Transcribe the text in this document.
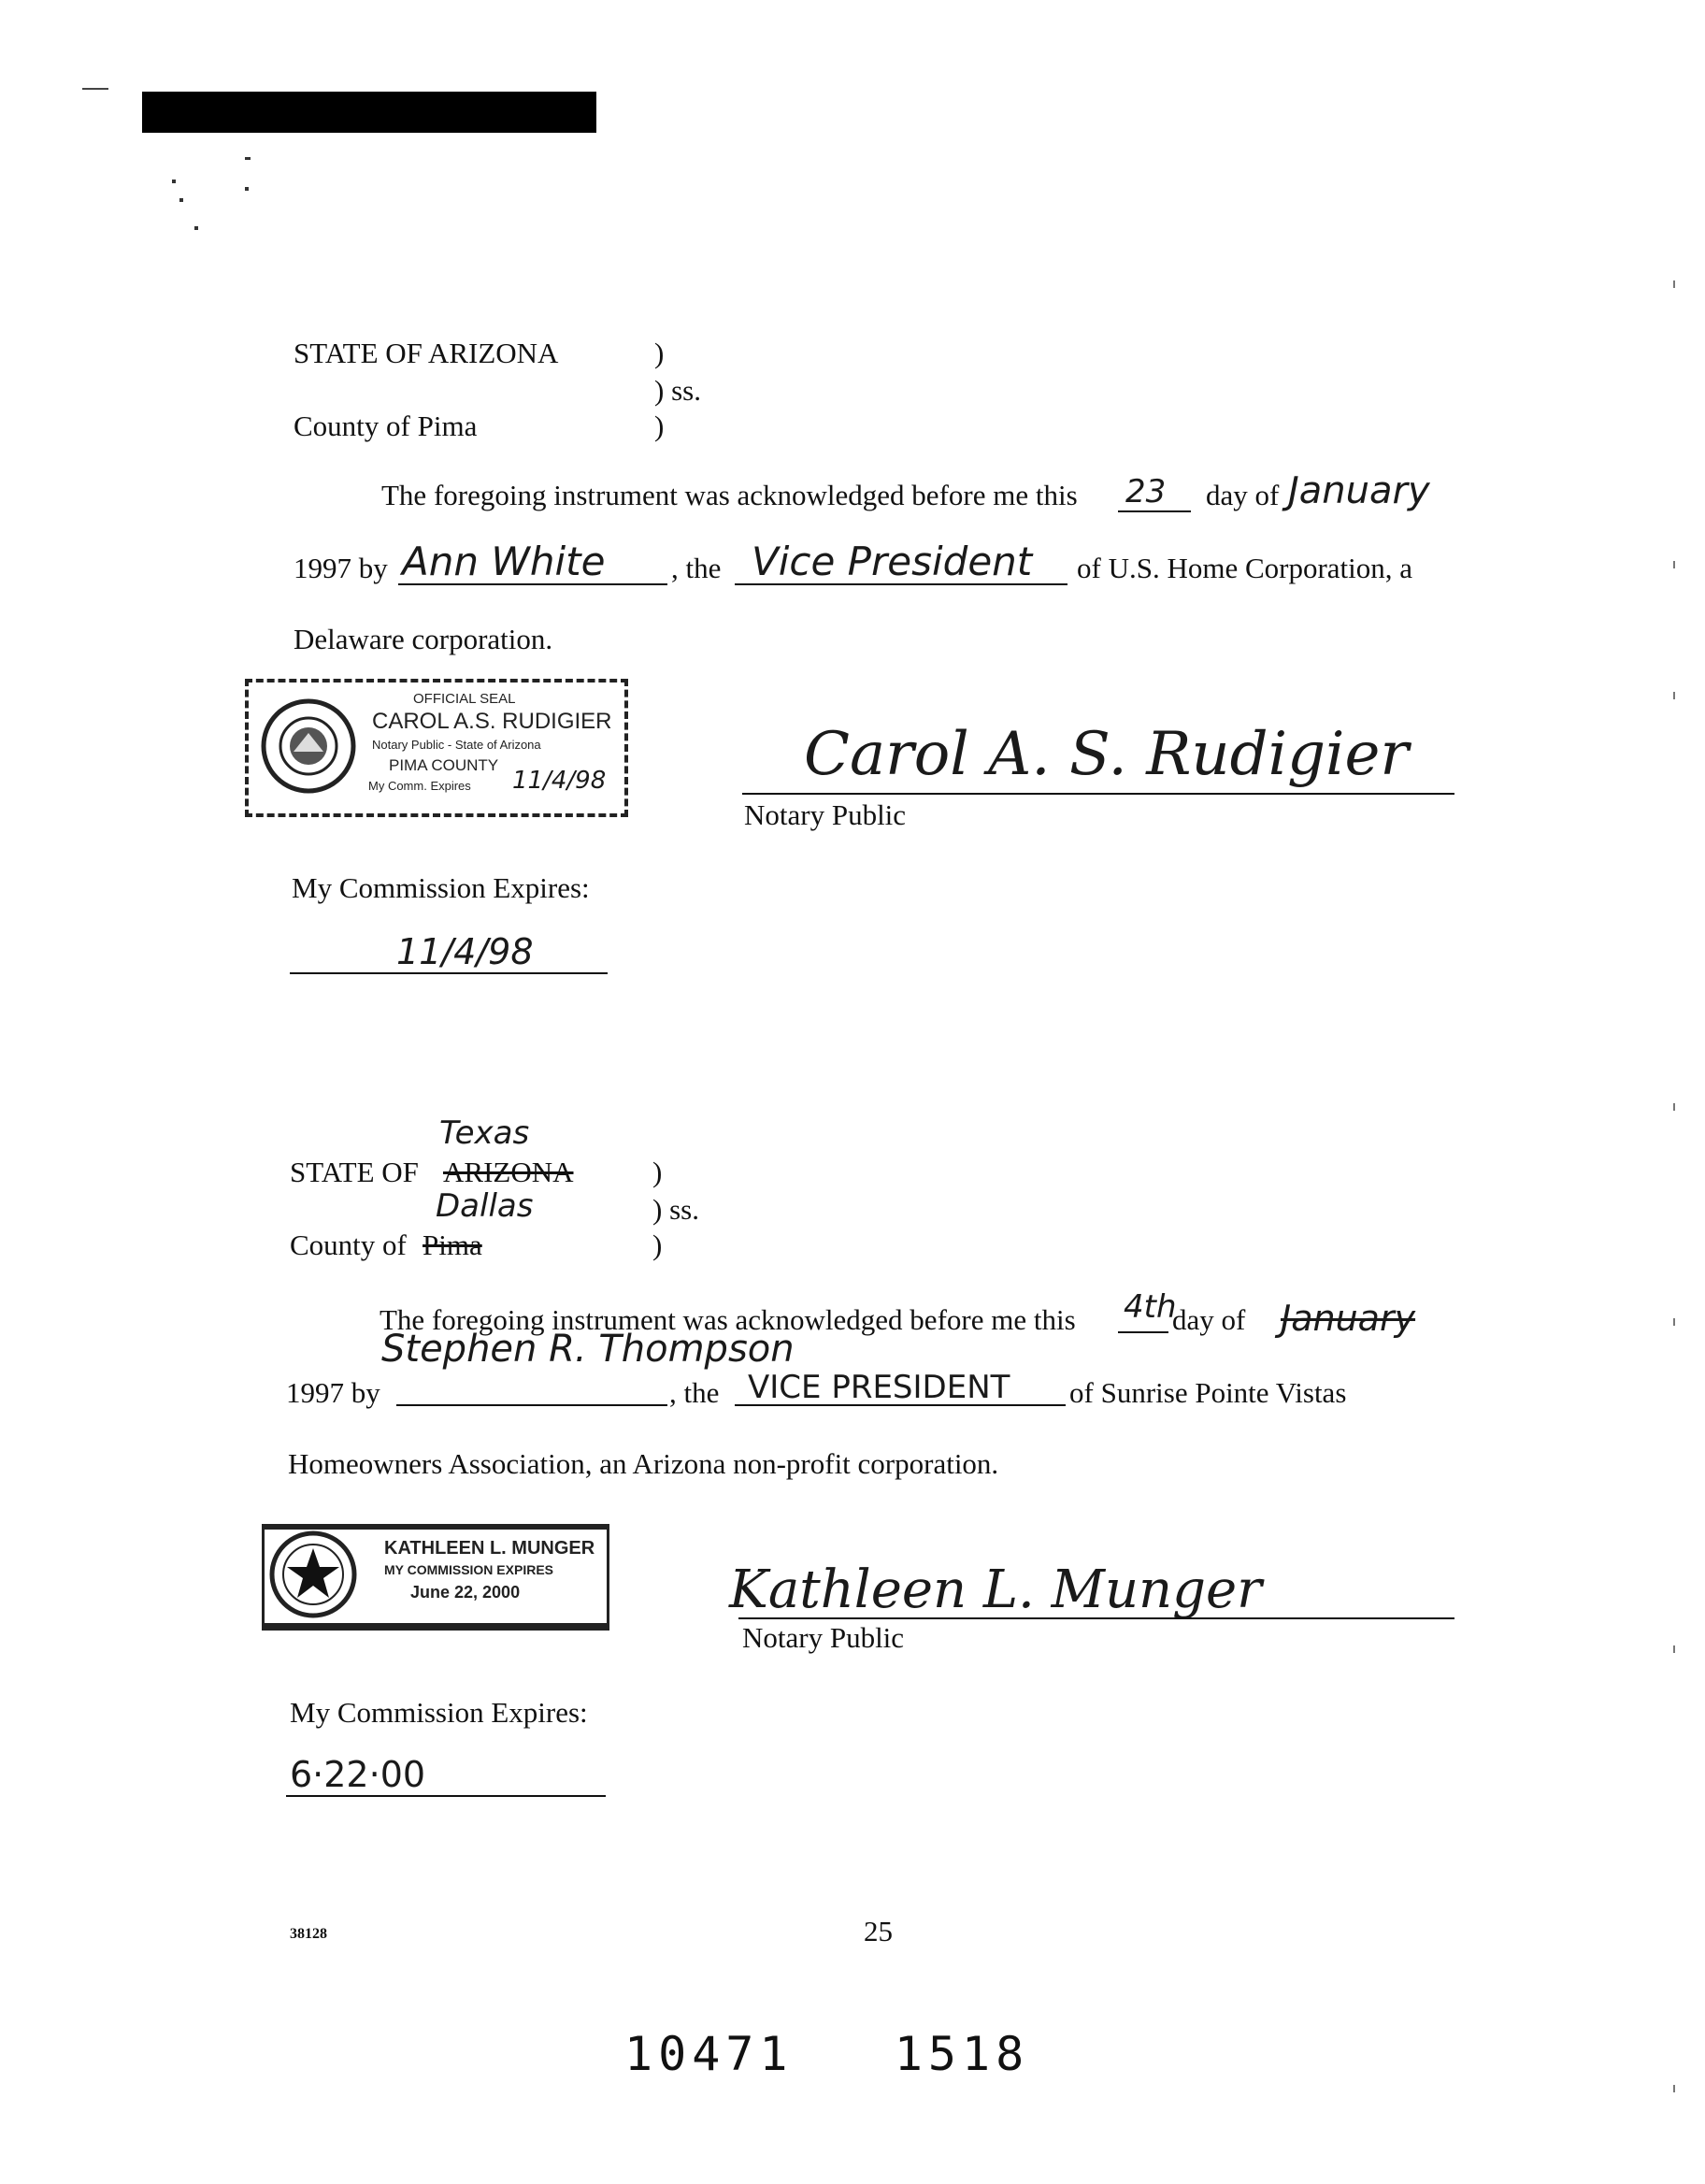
STATE OF ARIZONA	)
) ss.
County of Pima	)
The foregoing instrument was acknowledged before me this 23 day of January
1997 by Ann White , the Vice President of U.S. Home Corporation, a
Delaware corporation.
OFFICIAL SEAL
CAROL A.S. RUDIGIER
Notary Public - State of Arizona
PIMA COUNTY
My Comm. Expires 11/4/98	Carol A. S. Rudigier
Notary Public
My Commission Expires:
11/4/98
Texas
STATE OF ARIZONA	)
Dallas	) ss.
County of Pima	)
The foregoing instrument was acknowledged before me this 4th
day of January
Stephen R. Thompson
1997 by	, the VICE PRESIDENT of Sunrise Pointe Vistas
Homeowners Association, an Arizona non-profit corporation.
KATHLEEN L. MUNGER
MY COMMISSION EXPIRES
June 22, 2000	Kathleen L. Munger
Notary Public
My Commission Expires:
6·22·00
38128	25
10471   1518
